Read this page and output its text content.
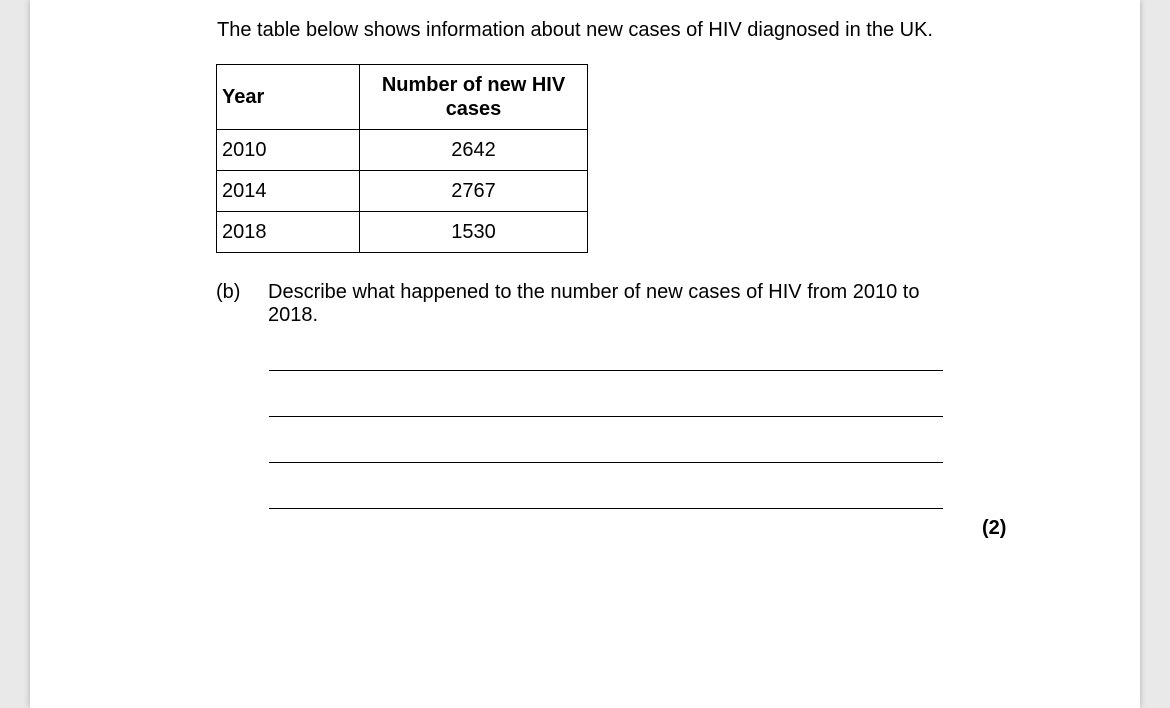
The table below shows information about new cases of HIV diagnosed in the UK.
Year	Number of new HIV cases

2010	2642
2014	2767
2018	1530
(b) Describe what happened to the number of new cases of HIV from 2010 to 2018.
(2)
